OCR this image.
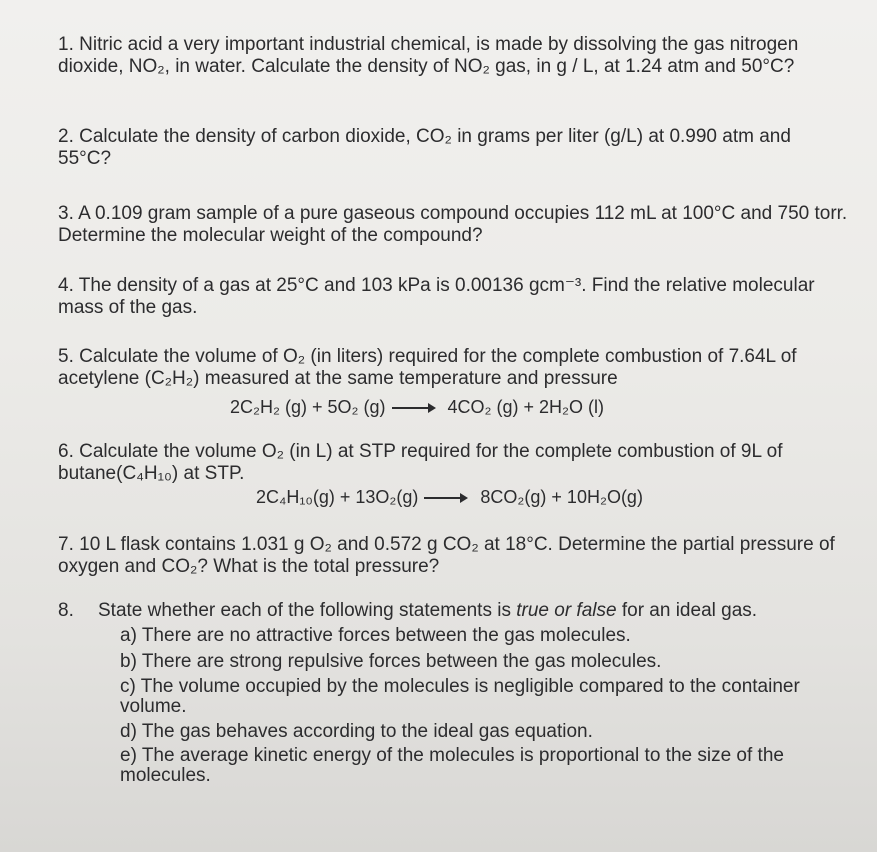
1. Nitric acid a very important industrial chemical, is made by dissolving the gas nitrogen dioxide, NO₂, in water. Calculate the density of NO₂ gas, in g / L, at 1.24 atm and 50°C?

2. Calculate the density of carbon dioxide, CO₂ in grams per liter (g/L) at 0.990 atm and 55°C?

3. A 0.109 gram sample of a pure gaseous compound occupies 112 mL at 100°C and 750 torr. Determine the molecular weight of the compound?

4. The density of a gas at 25°C and 103 kPa is 0.00136 gcm⁻³. Find the relative molecular mass of the gas.

5. Calculate the volume of O₂ (in liters) required for the complete combustion of 7.64L of acetylene (C₂H₂) measured at the same temperature and pressure

2C₂H₂ (g) + 5O₂ (g) → 4CO₂ (g) + 2H₂O (l)

6. Calculate the volume O₂ (in L) at STP required for the complete combustion of 9L of butane(C₄H₁₀) at STP.

2C₄H₁₀(g) + 13O₂(g) → 8CO₂(g) + 10H₂O(g)

7. 10 L flask contains 1.031 g O₂ and 0.572 g CO₂ at 18°C. Determine the partial pressure of oxygen and CO₂? What is the total pressure?

8. State whether each of the following statements is true or false for an ideal gas.
a) There are no attractive forces between the gas molecules.
b) There are strong repulsive forces between the gas molecules.
c) The volume occupied by the molecules is negligible compared to the container volume.
d) The gas behaves according to the ideal gas equation.
e) The average kinetic energy of the molecules is proportional to the size of the molecules.
